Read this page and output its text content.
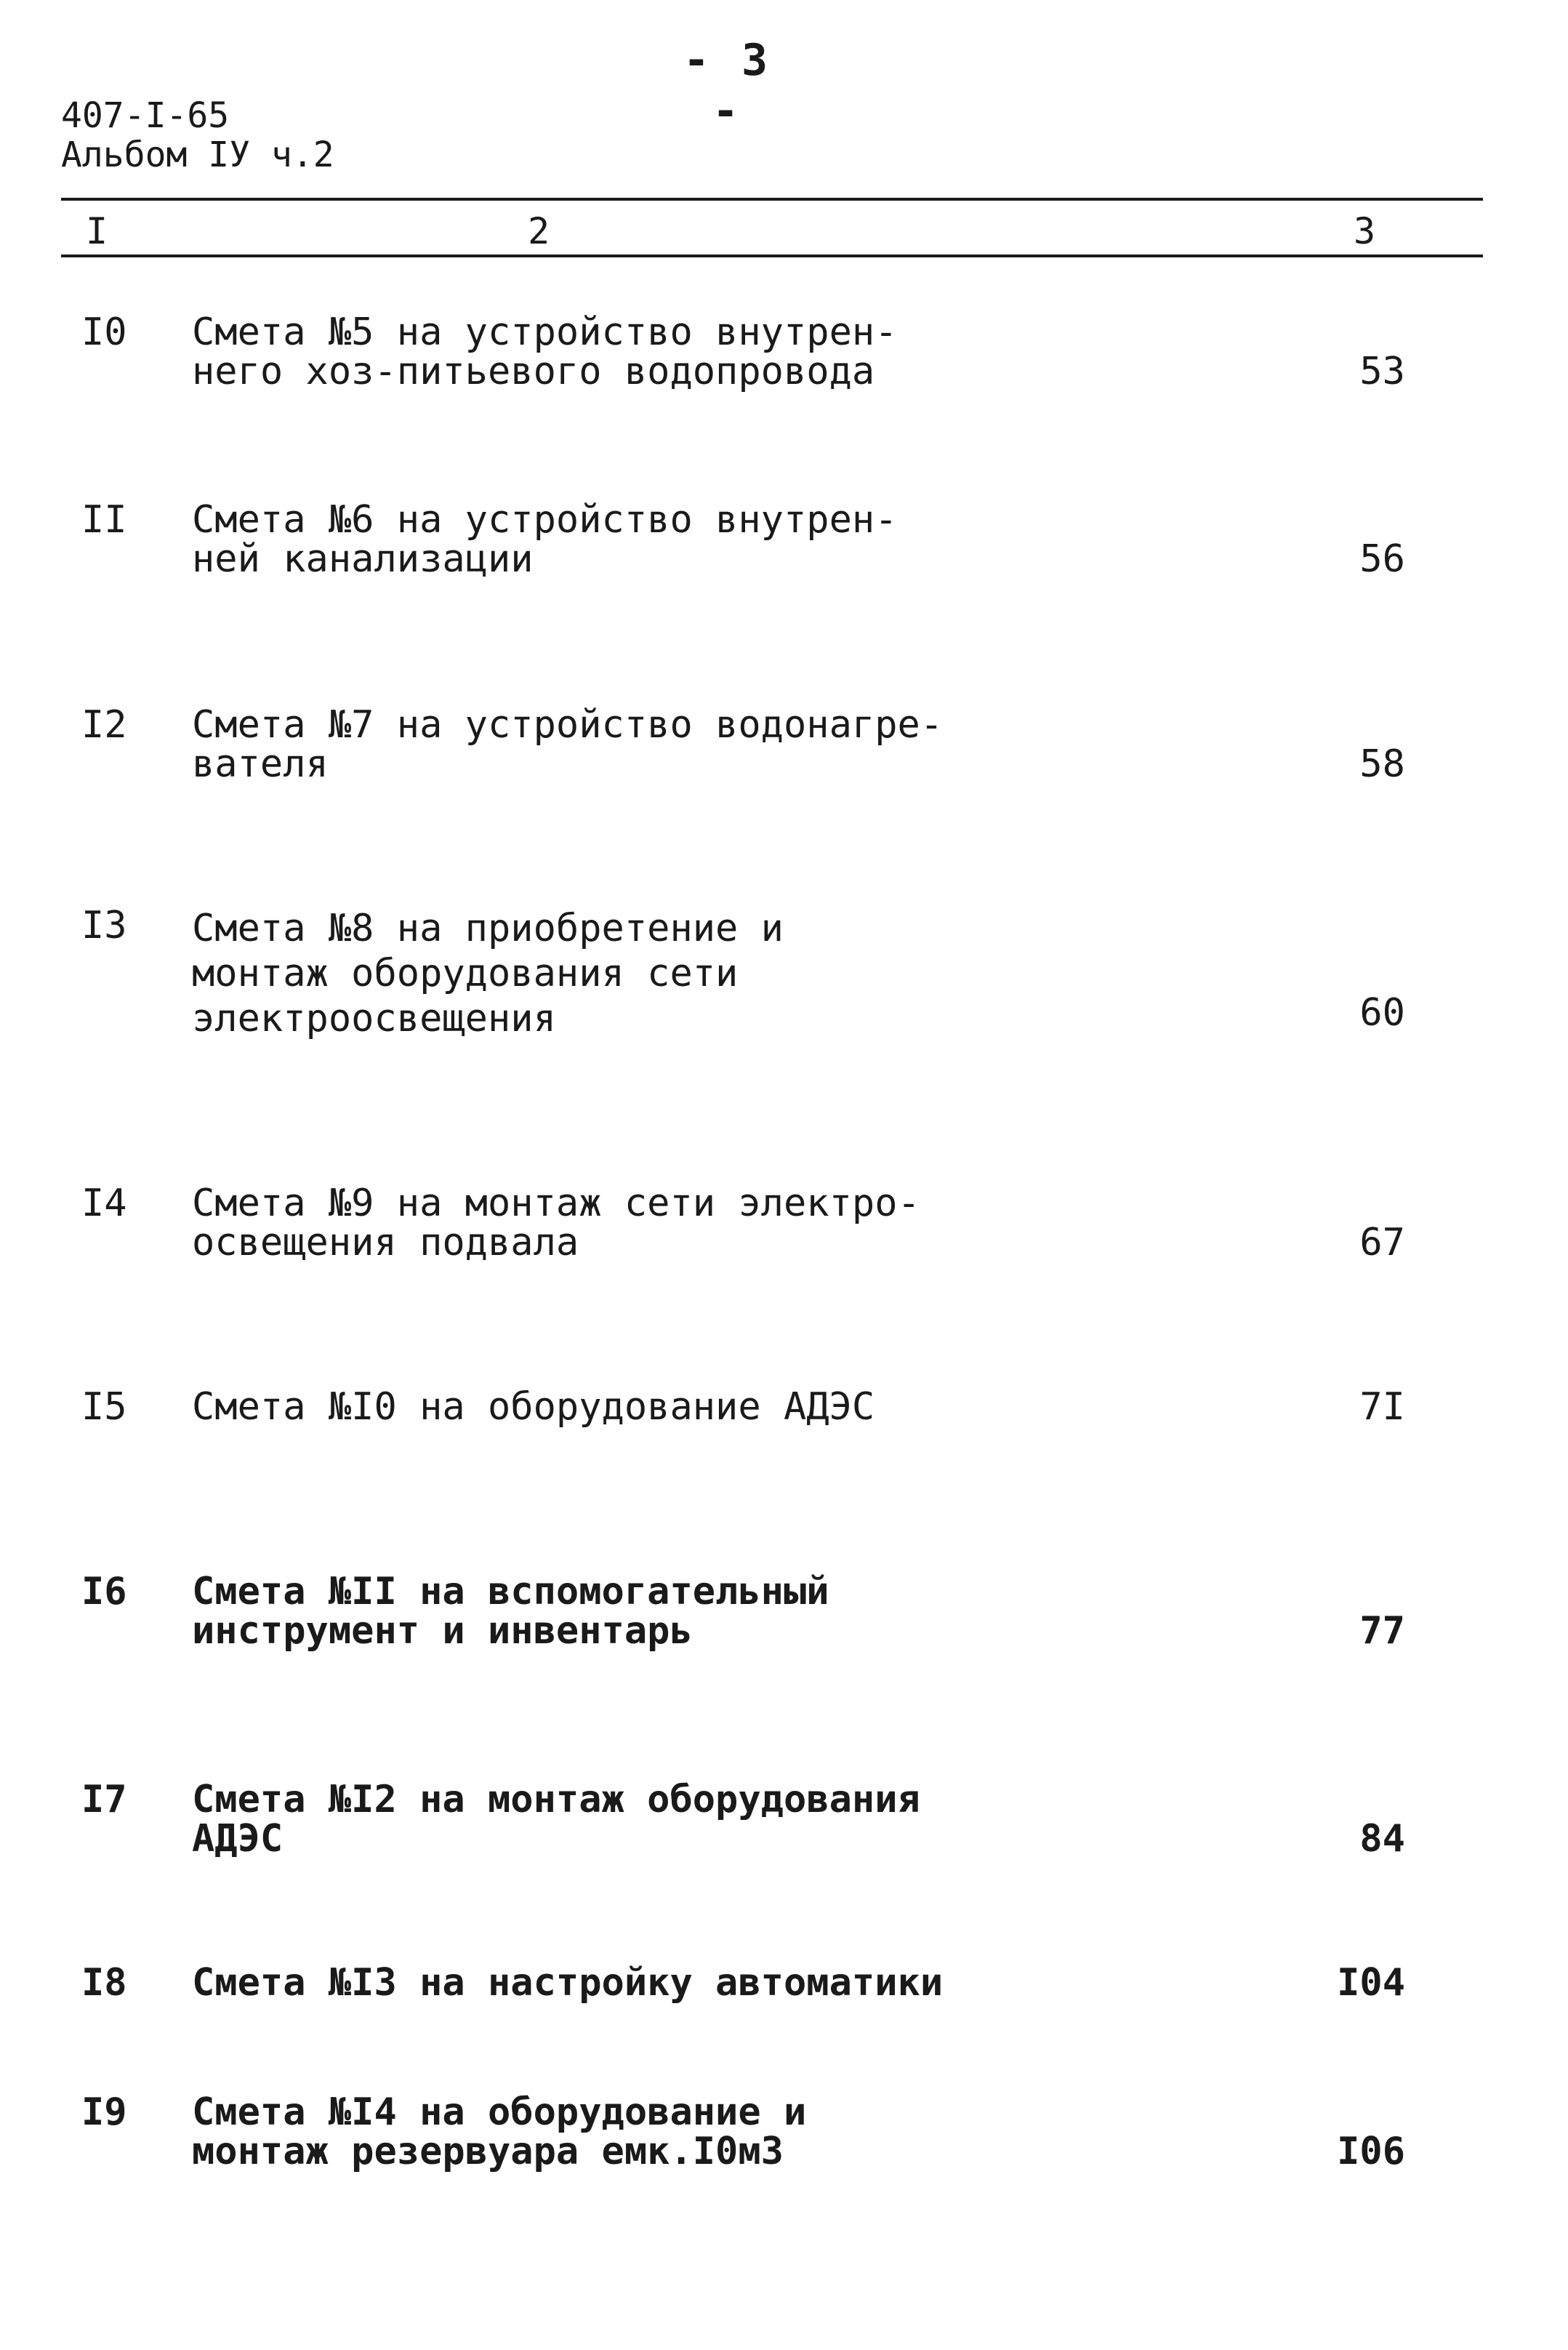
- 3 -
407-I-65
Альбом IУ ч.2
I	2	3
I0 Смета №5 на устройство внутрен-
него хоз-питьевого водопровода	53
II Смета №6 на устройство внутрен-
ней канализации	56
I2 Смета №7 на устройство водонагре-
вателя	58
I3 Смета №8 на приобретение и
монтаж оборудования сети
электроосвещения	60
I4 Смета №9 на монтаж сети электро-
освещения подвала	67
I5 Смета №I0 на оборудование АДЭС	7I
I6 Смета №II на вспомогательный
инструмент и инвентарь	77
I7 Смета №I2 на монтаж оборудования
АДЭС	84
I8 Смета №I3 на настройку автоматики	I04
I9 Смета №I4 на оборудование и
монтаж резервуара емк.I0м3	I06
